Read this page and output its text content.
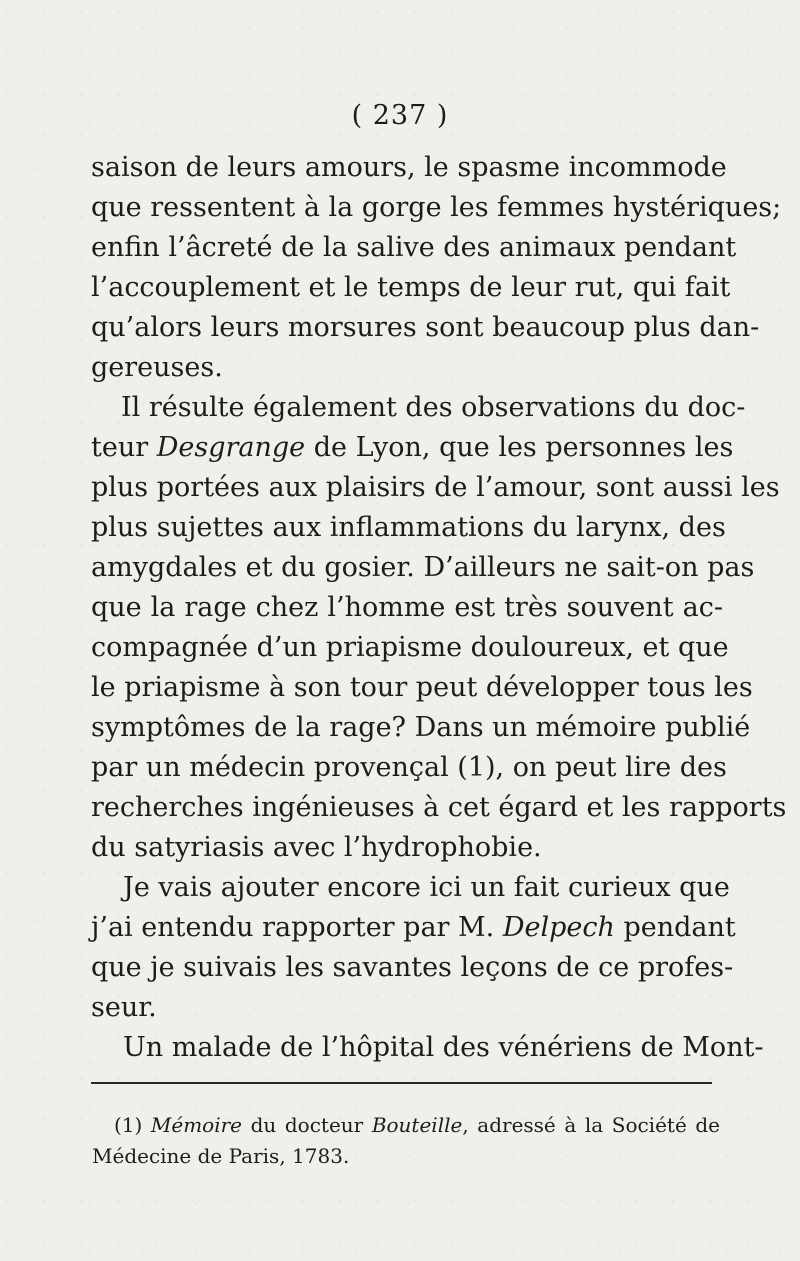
( 237 )
saison de leurs amours, le spasme incommode
que ressentent à la gorge les femmes hystériques;
enfin l’âcreté de la salive des animaux pendant
l’accouplement et le temps de leur rut, qui fait
qu’alors leurs morsures sont beaucoup plus dan-
gereuses.
Il résulte également des observations du doc-
teur Desgrange de Lyon, que les personnes les
plus portées aux plaisirs de l’amour, sont aussi les
plus sujettes aux inflammations du larynx, des
amygdales et du gosier. D’ailleurs ne sait-on pas
que la rage chez l’homme est très souvent ac-
compagnée d’un priapisme douloureux, et que
le priapisme à son tour peut développer tous les
symptômes de la rage? Dans un mémoire publié
par un médecin provençal (1), on peut lire des
recherches ingénieuses à cet égard et les rapports
du satyriasis avec l’hydrophobie.
Je vais ajouter encore ici un fait curieux que
j’ai entendu rapporter par M. Delpech pendant
que je suivais les savantes leçons de ce profes-
seur.
Un malade de l’hôpital des vénériens de Mont-
(1) Mémoire du docteur Bouteille, adressé à la Société de
Médecine de Paris, 1783.
